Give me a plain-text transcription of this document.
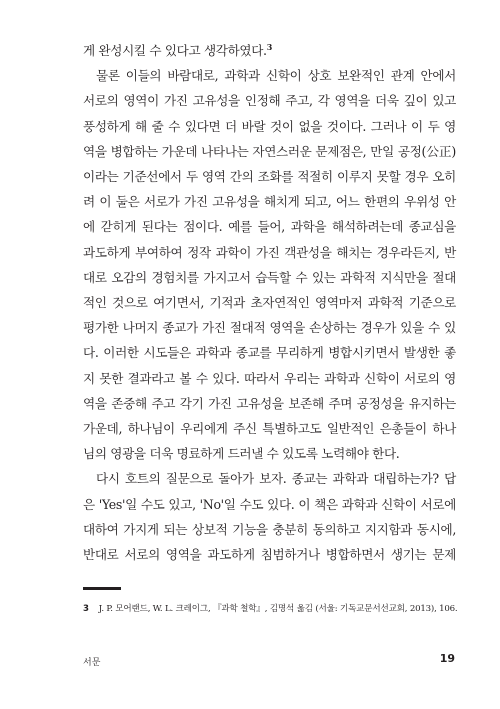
게 완성시킬 수 있다고 생각하였다.$^3$
물론 이들의 바람대로, 과학과 신학이 상호 보완적인 관계 안에서
서로의 영역이 가진 고유성을 인정해 주고, 각 영역을 더욱 깊이 있고
풍성하게 해 줄 수 있다면 더 바랄 것이 없을 것이다. 그러나 이 두 영
역을 병합하는 가운데 나타나는 자연스러운 문제점은, 만일 공정(公正)
이라는 기준선에서 두 영역 간의 조화를 적절히 이루지 못할 경우 오히
려 이 둘은 서로가 가진 고유성을 해치게 되고, 어느 한편의 우위성 안
에 갇히게 된다는 점이다. 예를 들어, 과학을 해석하려는데 종교심을
과도하게 부여하여 정작 과학이 가진 객관성을 해치는 경우라든지, 반
대로 오감의 경험치를 가지고서 습득할 수 있는 과학적 지식만을 절대
적인 것으로 여기면서, 기적과 초자연적인 영역마저 과학적 기준으로
평가한 나머지 종교가 가진 절대적 영역을 손상하는 경우가 있을 수 있
다. 이러한 시도들은 과학과 종교를 무리하게 병합시키면서 발생한 좋
지 못한 결과라고 볼 수 있다. 따라서 우리는 과학과 신학이 서로의 영
역을 존중해 주고 각기 가진 고유성을 보존해 주며 공정성을 유지하는
가운데, 하나님이 우리에게 주신 특별하고도 일반적인 은총들이 하나
님의 영광을 더욱 명료하게 드러낼 수 있도록 노력해야 한다.
다시 호트의 질문으로 돌아가 보자. 종교는 과학과 대립하는가? 답
은 'Yes'일 수도 있고, 'No'일 수도 있다. 이 책은 과학과 신학이 서로에
대하여 가지게 되는 상보적 기능을 충분히 동의하고 지지함과 동시에,
반대로 서로의 영역을 과도하게 침범하거나 병합하면서 생기는 문제
3 J. P. 모어랜드, W. L. 크레이그, 『과학 철학』, 김명석 옮김 (서울: 기독교문서선교회, 2013), 106.
서문	19
